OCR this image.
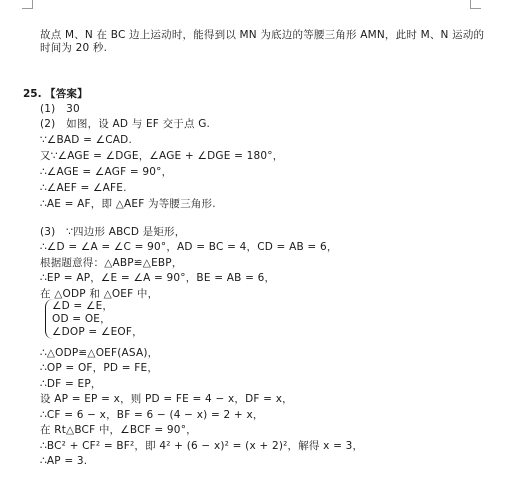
故点 M、N 在 BC 边上运动时，能得到以 MN 为底边的等腰三角形 AMN，此时 M、N 运动的
时间为 20 秒.
25. 【答案】
(1)　30
(2)　如图，设 AD 与 EF 交于点 G.
∵∠BAD = ∠CAD.
又∵∠AGE = ∠DGE，∠AGE + ∠DGE = 180°，
∴∠AGE = ∠AGF = 90°，
∴∠AEF = ∠AFE.
∴AE = AF，即 △AEF 为等腰三角形.
(3)　∵四边形 ABCD 是矩形，
∴∠D = ∠A = ∠C = 90°，AD = BC = 4，CD = AB = 6，
根据题意得：△ABP≌△EBP，
∴EP = AP，∠E = ∠A = 90°，BE = AB = 6，
在 △ODP 和 △OEF 中，
∠D = ∠E，
OD = OE，
∠DOP = ∠EOF，
∴△ODP≌△OEF(ASA)，
∴OP = OF，PD = FE，
∴DF = EP，
设 AP = EP = x，则 PD = FE = 4 − x，DF = x，
∴CF = 6 − x，BF = 6 − (4 − x) = 2 + x，
在 Rt△BCF 中，∠BCF = 90°，
∴BC² + CF² = BF²，即 4² + (6 − x)² = (x + 2)²，解得 x = 3，
∴AP = 3.
